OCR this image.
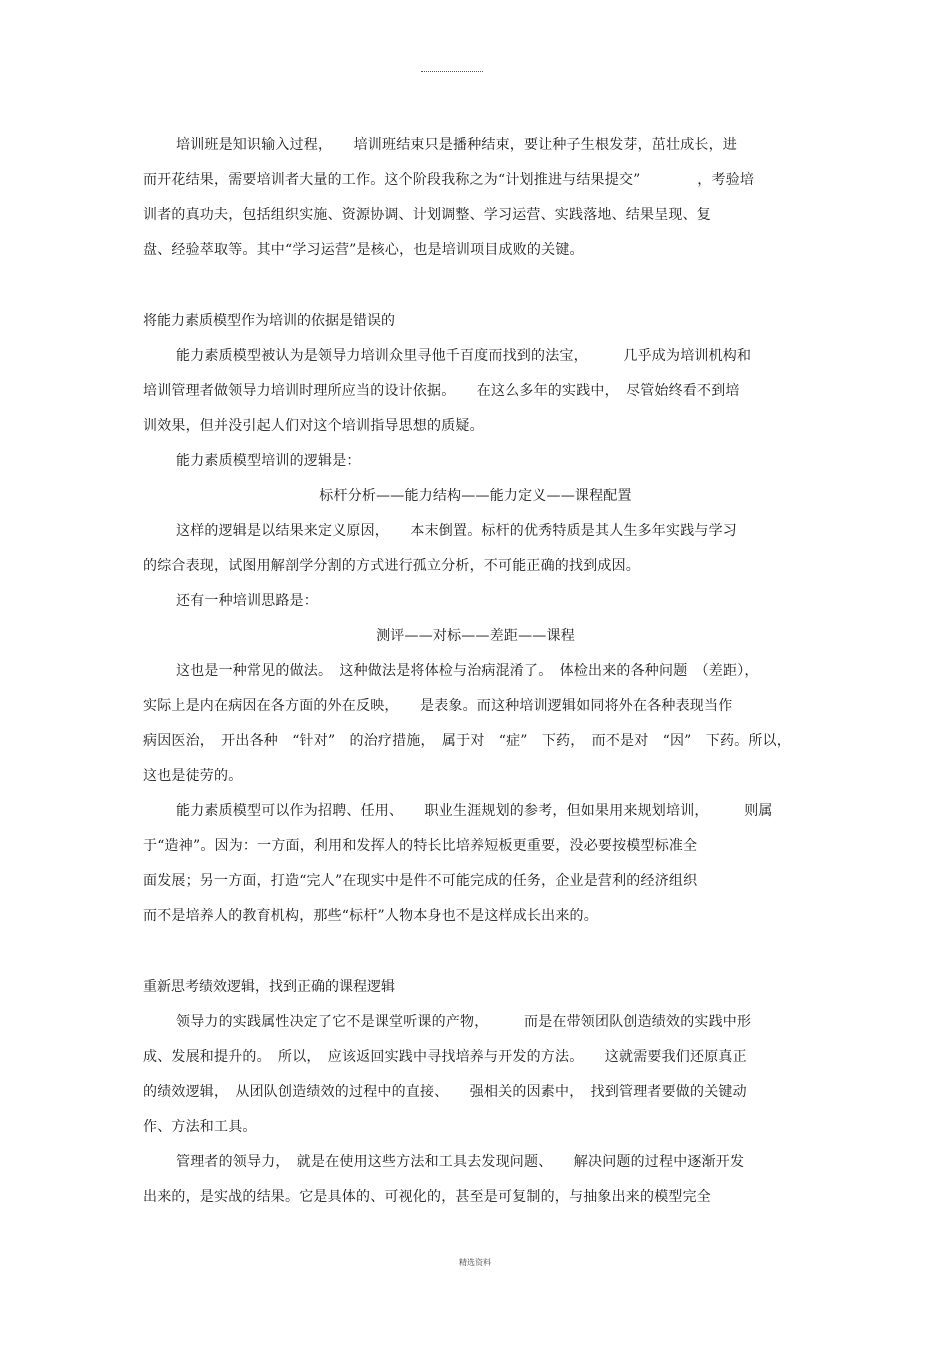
培训班是知识输入过程，　　培训班结束只是播种结束，要让种子生根发芽，茁壮成长，进
而开花结果，需要培训者大量的工作。这个阶段我称之为“计划推进与结果提交”　　　　，考验培
训者的真功夫，包括组织实施、资源协调、计划调整、学习运营、实践落地、结果呈现、复
盘、经验萃取等。其中“学习运营”是核心，也是培训项目成败的关键。
将能力素质模型作为培训的依据是错误的
能力素质模型被认为是领导力培训众里寻他千百度而找到的法宝，　　　几乎成为培训机构和
培训管理者做领导力培训时理所应当的设计依据。　　在这么多年的实践中，　尽管始终看不到培
训效果，但并没引起人们对这个培训指导思想的质疑。
能力素质模型培训的逻辑是：
标杆分析——能力结构——能力定义——课程配置
这样的逻辑是以结果来定义原因，　　本末倒置。标杆的优秀特质是其人生多年实践与学习
的综合表现，试图用解剖学分割的方式进行孤立分析，不可能正确的找到成因。
还有一种培训思路是：
测评——对标——差距——课程
这也是一种常见的做法。　这种做法是将体检与治病混淆了。　体检出来的各种问题　（差距），
实际上是内在病因在各方面的外在反映，　　是表象。而这种培训逻辑如同将外在各种表现当作
病因医治，　开出各种　“针对”　的治疗措施，　属于对　“症”　下药，　而不是对　“因”　下药。所以，
这也是徒劳的。
能力素质模型可以作为招聘、任用、　　职业生涯规划的参考，但如果用来规划培训，　　　则属
于“造神”。因为：一方面，利用和发挥人的特长比培养短板更重要，没必要按模型标准全
面发展；另一方面，打造“完人”在现实中是件不可能完成的任务，企业是营利的经济组织
而不是培养人的教育机构，那些“标杆”人物本身也不是这样成长出来的。
重新思考绩效逻辑，找到正确的课程逻辑
领导力的实践属性决定了它不是课堂听课的产物，　　　而是在带领团队创造绩效的实践中形
成、发展和提升的。　所以，　应该返回实践中寻找培养与开发的方法。　　这就需要我们还原真正
的绩效逻辑，　从团队创造绩效的过程中的直接、　　强相关的因素中，　找到管理者要做的关键动
作、方法和工具。
管理者的领导力，　就是在使用这些方法和工具去发现问题、　　解决问题的过程中逐渐开发
出来的，是实战的结果。它是具体的、可视化的，甚至是可复制的，与抽象出来的模型完全
精选资料
